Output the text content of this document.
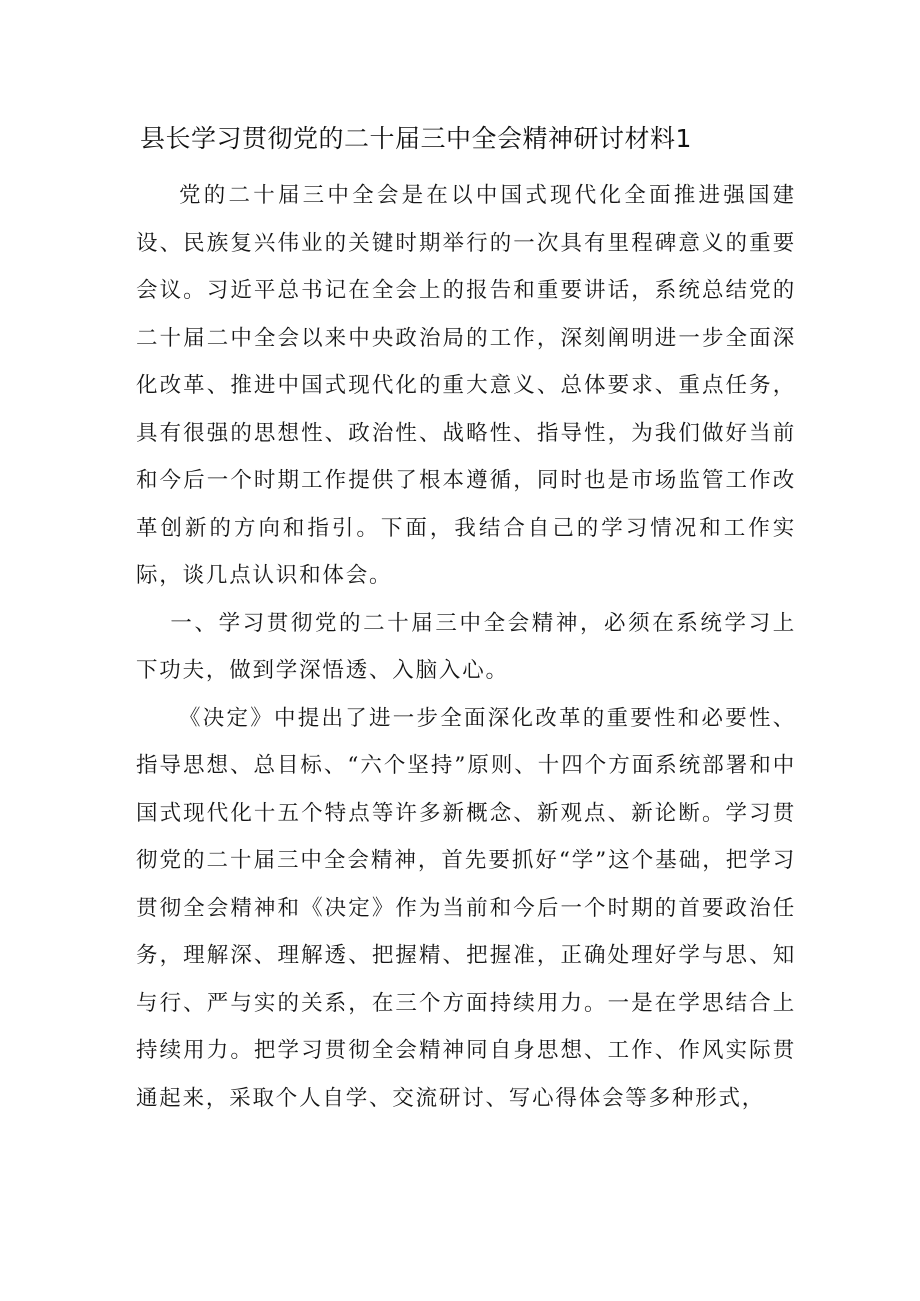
县长学习贯彻党的二十届三中全会精神研讨材料1

党的二十届三中全会是在以中国式现代化全面推进强国建设、民族复兴伟业的关键时期举行的一次具有里程碑意义的重要会议。习近平总书记在全会上的报告和重要讲话，系统总结党的二十届二中全会以来中央政治局的工作，深刻阐明进一步全面深化改革、推进中国式现代化的重大意义、总体要求、重点任务，具有很强的思想性、政治性、战略性、指导性，为我们做好当前和今后一个时期工作提供了根本遵循，同时也是市场监管工作改革创新的方向和指引。下面，我结合自己的学习情况和工作实际，谈几点认识和体会。

一、学习贯彻党的二十届三中全会精神，必须在系统学习上下功夫，做到学深悟透、入脑入心。

《决定》中提出了进一步全面深化改革的重要性和必要性、指导思想、总目标、“六个坚持”原则、十四个方面系统部署和中国式现代化十五个特点等许多新概念、新观点、新论断。学习贯彻党的二十届三中全会精神，首先要抓好“学”这个基础，把学习贯彻全会精神和《决定》作为当前和今后一个时期的首要政治任务，理解深、理解透、把握精、把握准，正确处理好学与思、知与行、严与实的关系，在三个方面持续用力。一是在学思结合上持续用力。把学习贯彻全会精神同自身思想、工作、作风实际贯通起来，采取个人自学、交流研讨、写心得体会等多种形式，
